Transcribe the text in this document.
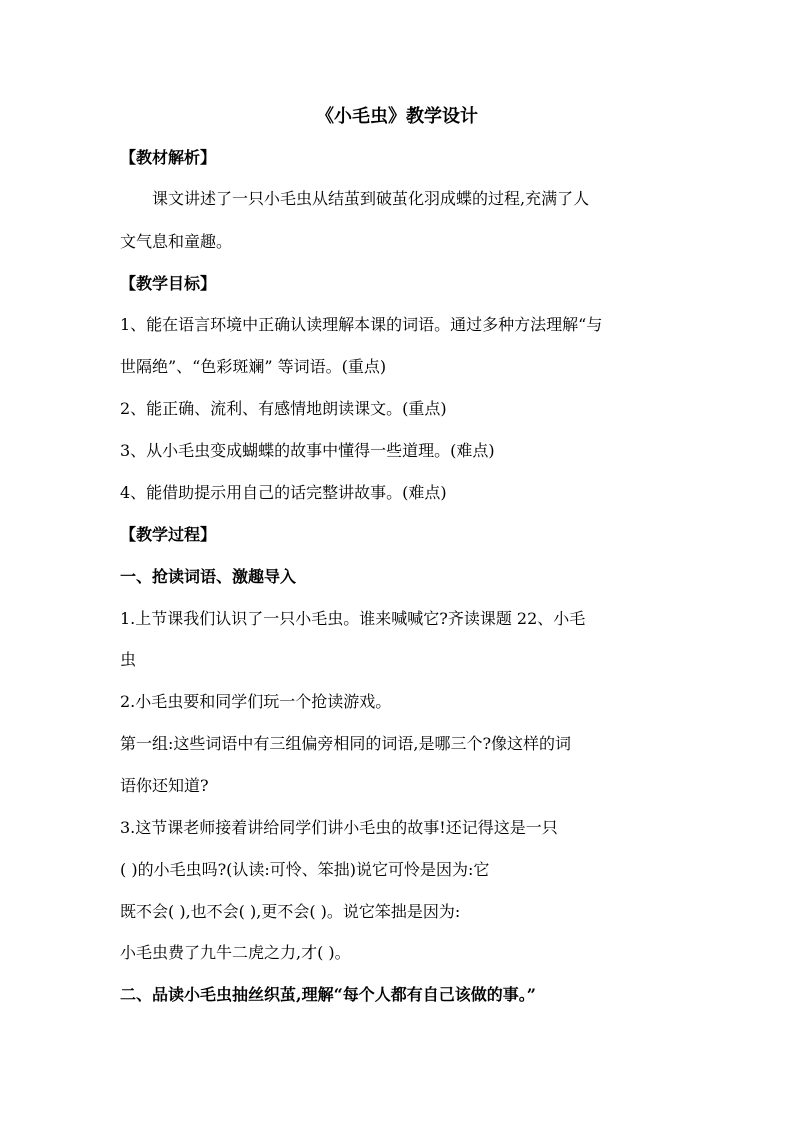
《小毛虫》教学设计
【教材解析】
课文讲述了一只小毛虫从结茧到破茧化羽成蝶的过程,充满了人
文气息和童趣。
【教学目标】
1、能在语言环境中正确认读理解本课的词语。通过多种方法理解“与
世隔绝”、“色彩斑斓” 等词语。(重点)
2、能正确、流利、有感情地朗读课文。(重点)
3、从小毛虫变成蝴蝶的故事中懂得一些道理。(难点)
4、能借助提示用自己的话完整讲故事。(难点)
【教学过程】
一、抢读词语、激趣导入
1.上节课我们认识了一只小毛虫。谁来喊喊它?齐读课题 22、小毛
虫
2.小毛虫要和同学们玩一个抢读游戏。
第一组:这些词语中有三组偏旁相同的词语,是哪三个?像这样的词
语你还知道?
3.这节课老师接着讲给同学们讲小毛虫的故事!还记得这是一只
( )的小毛虫吗?(认读:可怜、笨拙)说它可怜是因为:它
既不会( ),也不会( ),更不会( )。说它笨拙是因为:
小毛虫费了九牛二虎之力,才( )。
二、品读小毛虫抽丝织茧,理解“每个人都有自己该做的事。”
